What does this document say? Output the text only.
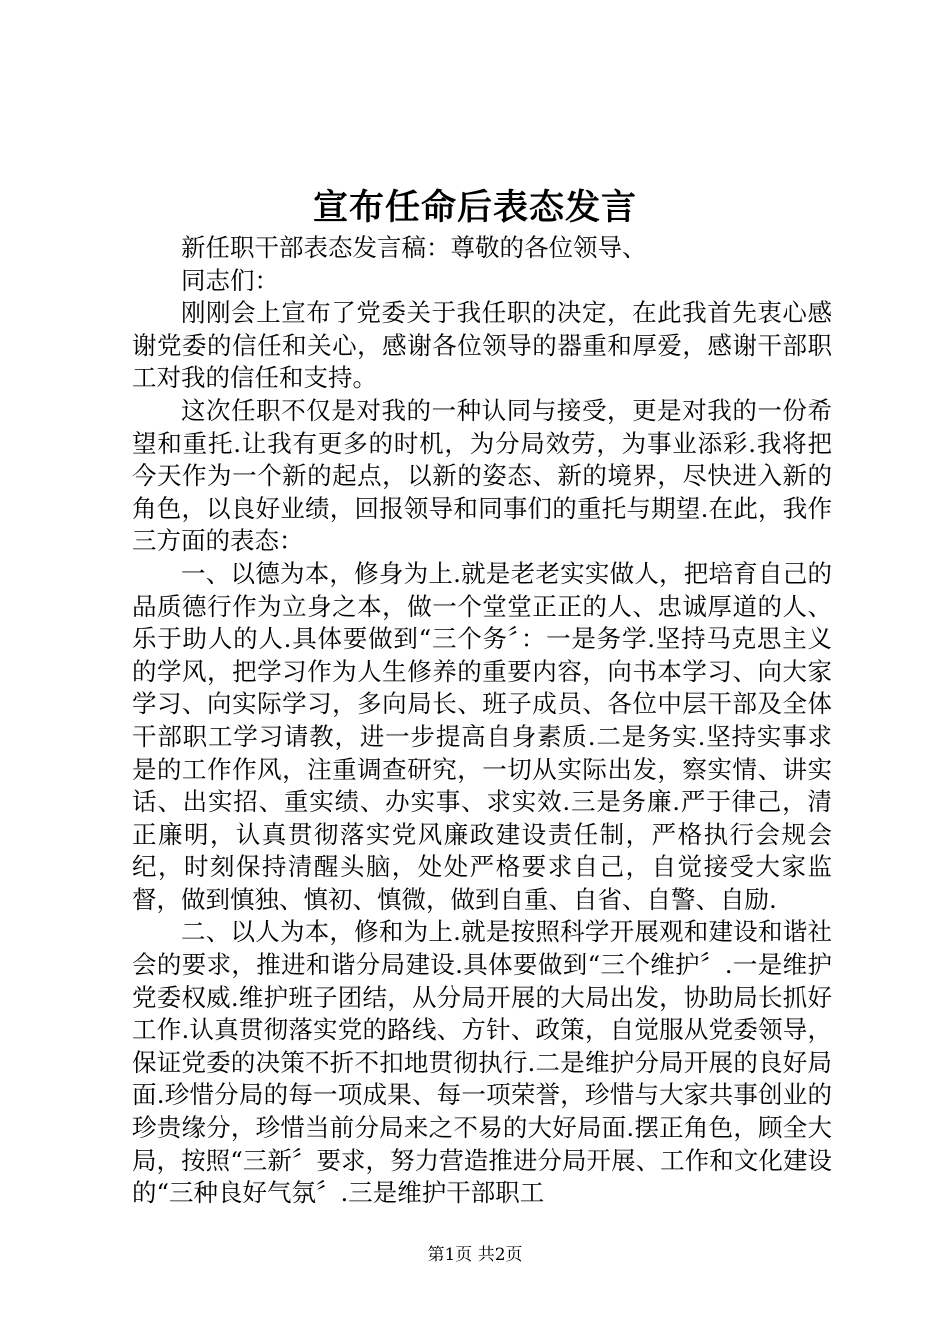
宣布任命后表态发言

新任职干部表态发言稿：尊敬的各位领导、

同志们：

刚刚会上宣布了党委关于我任职的决定，在此我首先衷心感谢党委的信任和关心，感谢各位领导的器重和厚爱，感谢干部职工对我的信任和支持。

这次任职不仅是对我的一种认同与接受，更是对我的一份希望和重托.让我有更多的时机，为分局效劳，为事业添彩.我将把今天作为一个新的起点，以新的姿态、新的境界，尽快进入新的角色，以良好业绩，回报领导和同事们的重托与期望.在此，我作三方面的表态：

一、以德为本，修身为上.就是老老实实做人，把培育自己的品质德行作为立身之本，做一个堂堂正正的人、忠诚厚道的人、乐于助人的人.具体要做到“三个务〞：一是务学.坚持马克思主义的学风，把学习作为人生修养的重要内容，向书本学习、向大家学习、向实际学习，多向局长、班子成员、各位中层干部及全体干部职工学习请教，进一步提高自身素质.二是务实.坚持实事求是的工作作风，注重调查研究，一切从实际出发，察实情、讲实话、出实招、重实绩、办实事、求实效.三是务廉.严于律己，清正廉明，认真贯彻落实党风廉政建设责任制，严格执行会规会纪，时刻保持清醒头脑，处处严格要求自己，自觉接受大家监督，做到慎独、慎初、慎微，做到自重、自省、自警、自励.

二、以人为本，修和为上.就是按照科学开展观和建设和谐社会的要求，推进和谐分局建设.具体要做到“三个维护〞.一是维护党委权威.维护班子团结，从分局开展的大局出发，协助局长抓好工作.认真贯彻落实党的路线、方针、政策，自觉服从党委领导，保证党委的决策不折不扣地贯彻执行.二是维护分局开展的良好局面.珍惜分局的每一项成果、每一项荣誉，珍惜与大家共事创业的珍贵缘分，珍惜当前分局来之不易的大好局面.摆正角色，顾全大局，按照“三新〞要求，努力营造推进分局开展、工作和文化建设的“三种良好气氛〞.三是维护干部职工

第1页 共2页
